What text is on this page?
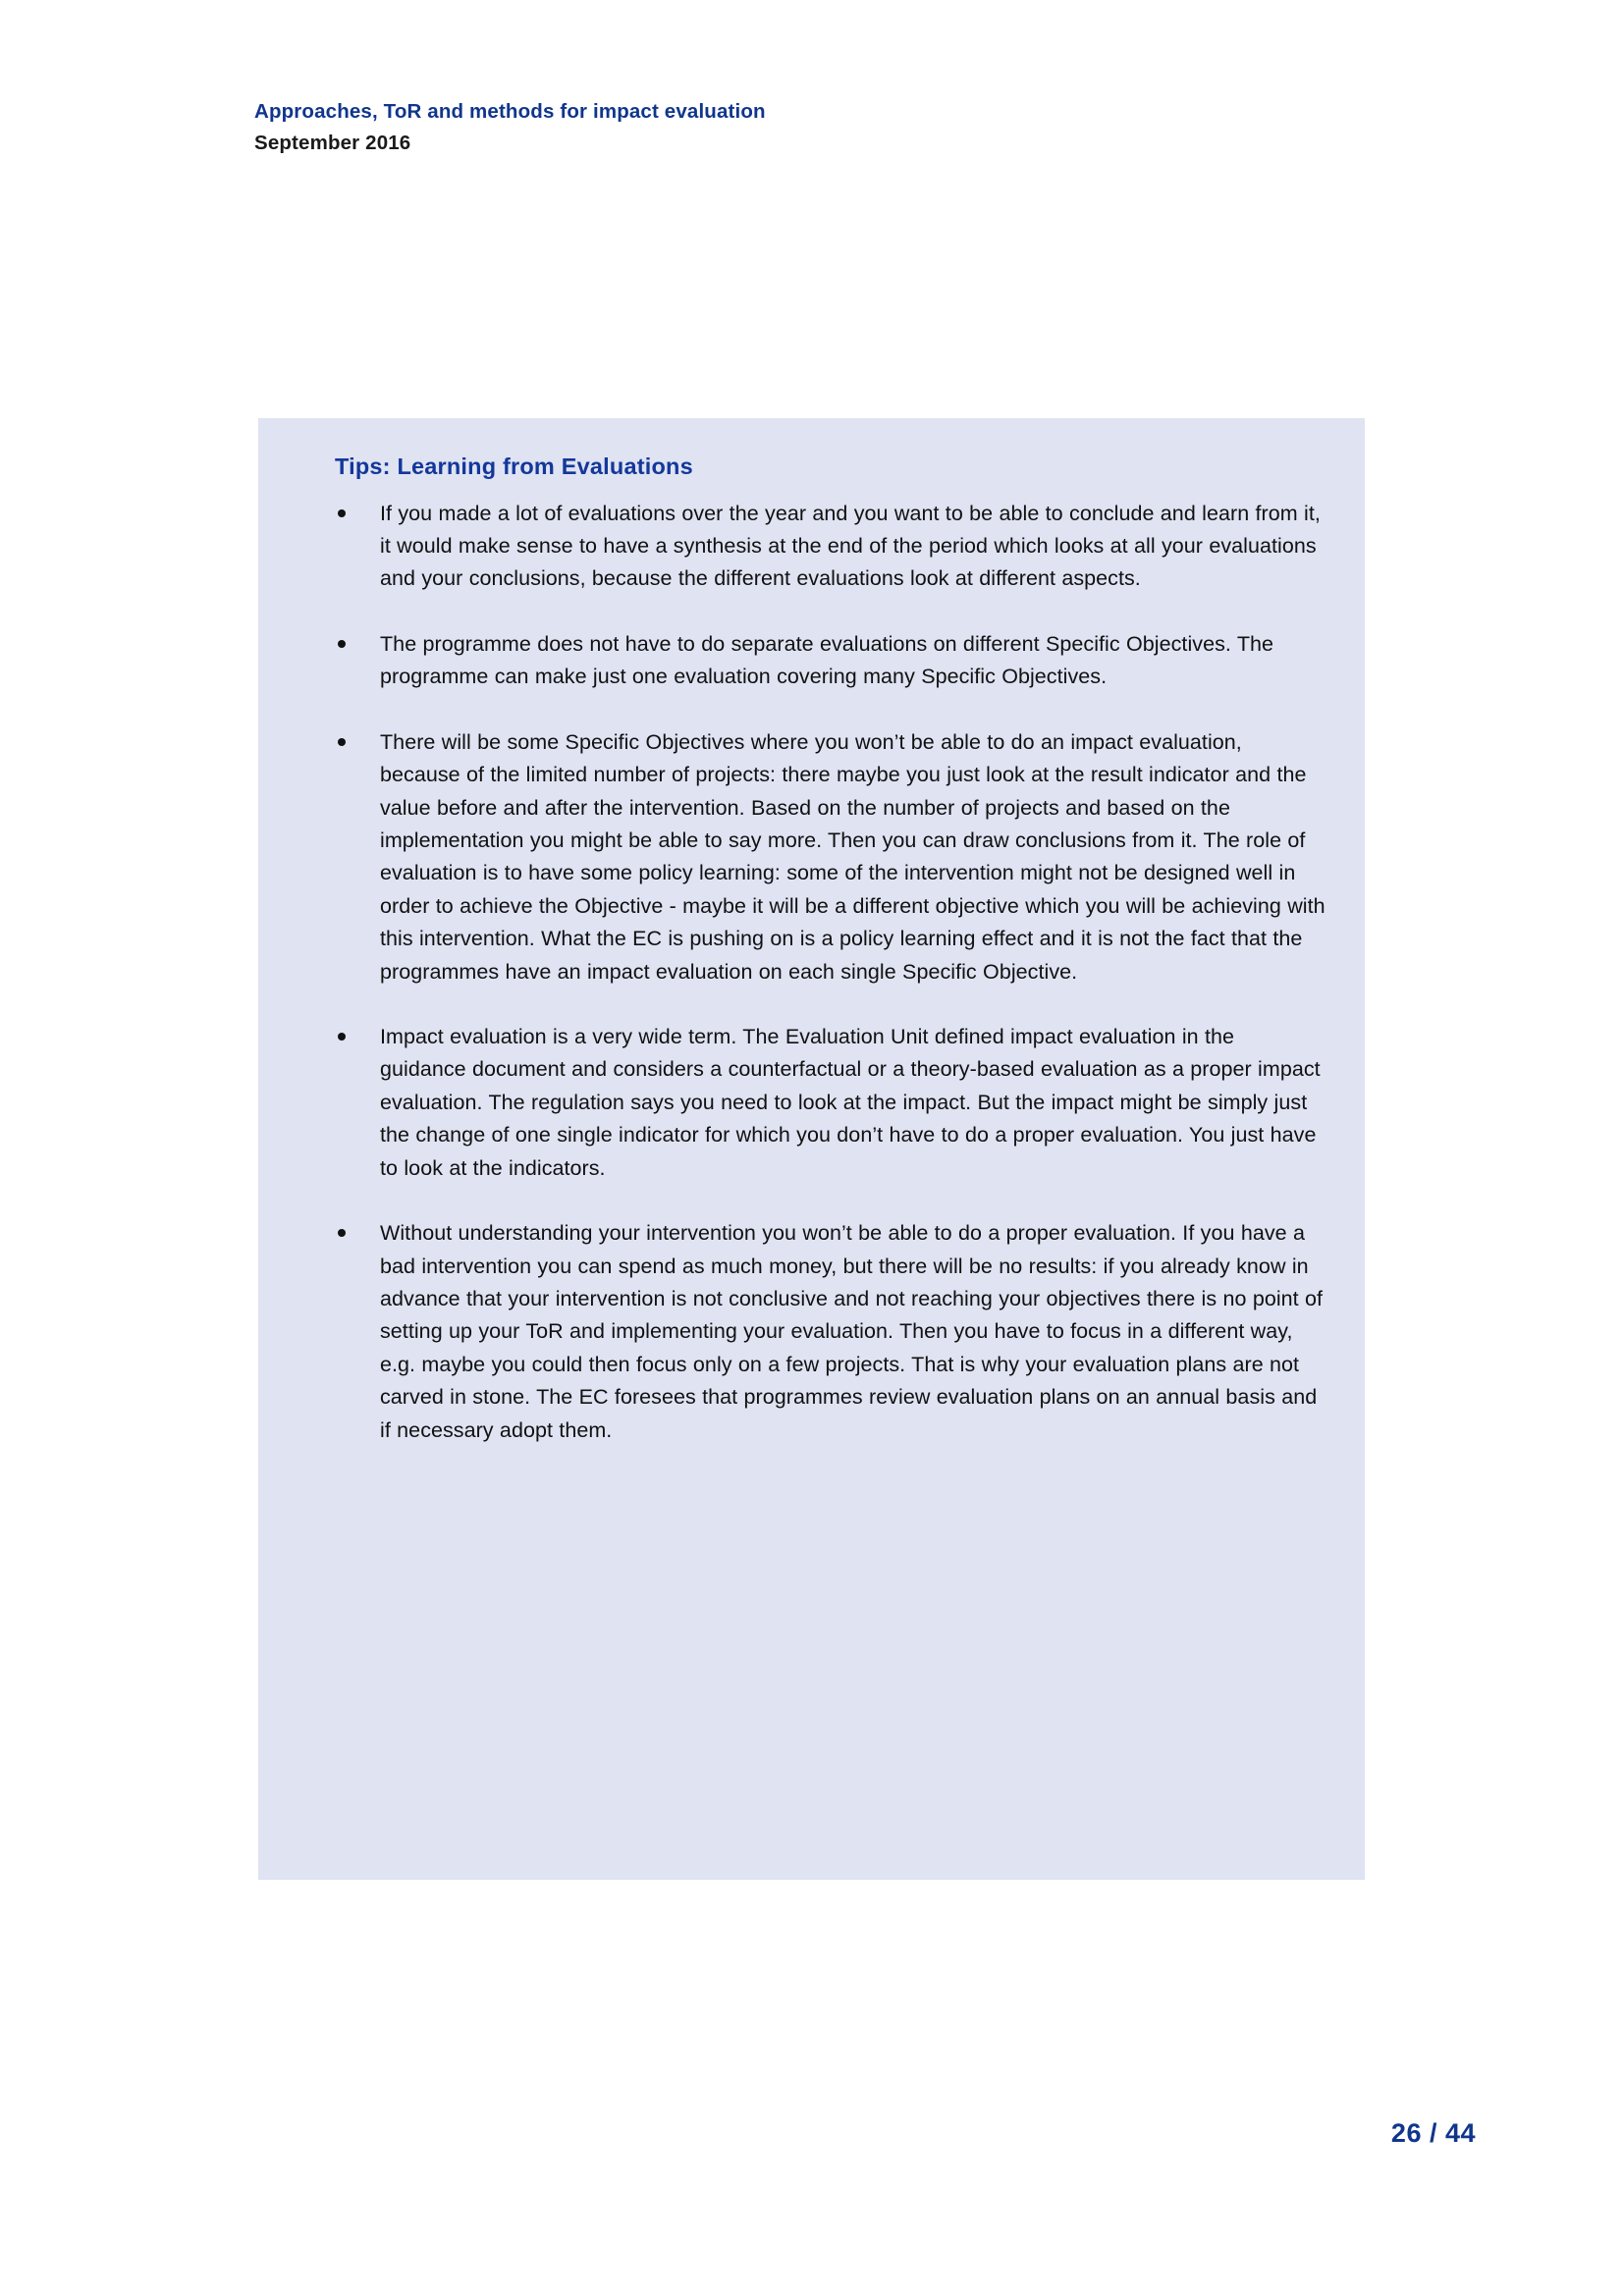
Approaches, ToR and methods for impact evaluation
September 2016
Tips: Learning from Evaluations
If you made a lot of evaluations over the year and you want to be able to conclude and learn from it, it would make sense to have a synthesis at the end of the period which looks at all your evaluations and your conclusions, because the different evaluations look at different aspects.
The programme does not have to do separate evaluations on different Specific Objectives. The programme can make just one evaluation covering many Specific Objectives.
There will be some Specific Objectives where you won’t be able to do an impact evaluation, because of the limited number of projects: there maybe you just look at the result indicator and the value before and after the intervention. Based on the number of projects and based on the implementation you might be able to say more. Then you can draw conclusions from it. The role of evaluation is to have some policy learning: some of the intervention might not be designed well in order to achieve the Objective - maybe it will be a different objective which you will be achieving with this intervention. What the EC is pushing on is a policy learning effect and it is not the fact that the programmes have an impact evaluation on each single Specific Objective.
Impact evaluation is a very wide term. The Evaluation Unit defined impact evaluation in the guidance document and considers a counterfactual or a theory-based evaluation as a proper impact evaluation. The regulation says you need to look at the impact. But the impact might be simply just the change of one single indicator for which you don’t have to do a proper evaluation. You just have to look at the indicators.
Without understanding your intervention you won’t be able to do a proper evaluation. If you have a bad intervention you can spend as much money, but there will be no results: if you already know in advance that your intervention is not conclusive and not reaching your objectives there is no point of setting up your ToR and implementing your evaluation. Then you have to focus in a different way, e.g. maybe you could then focus only on a few projects. That is why your evaluation plans are not carved in stone. The EC foresees that programmes review evaluation plans on an annual basis and if necessary adopt them.
26 / 44
